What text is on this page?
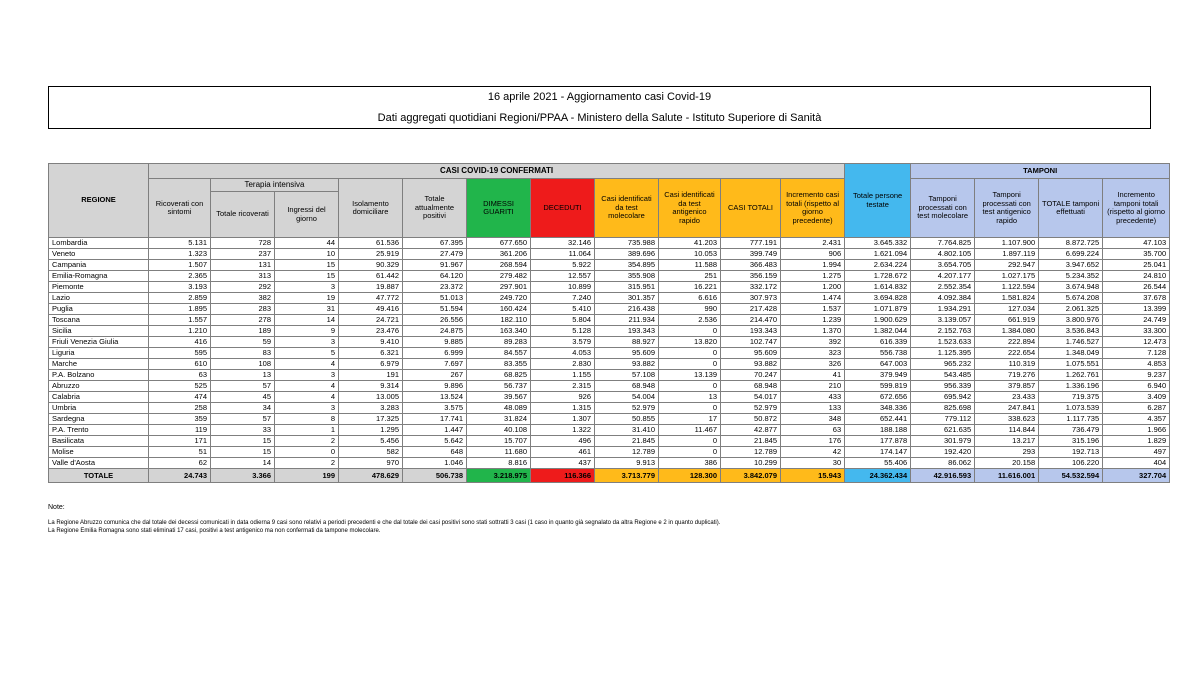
16 aprile 2021 - Aggiornamento casi Covid-19
Dati aggregati quotidiani Regioni/PPAA - Ministero della Salute - Istituto Superiore di Sanità
REGIONE	CASI COVID-19 CONFERMATI											Totale persone testate	TAMPONI			
	Ricoverati con sintomi	Terapia intensiva		Isolamento domiciliare	Totale attualmente positivi	DIMESSI GUARITI	DECEDUTI	Casi identificati da test molecolare	Casi identificati da test antigenico rapido	CASI TOTALI	Incremento casi totali (rispetto al giorno precedente)		Tamponi processati con test molecolare	Tamponi processati con test antigenico rapido	TOTALE tamponi effettuati	Incremento tamponi totali (rispetto al giorno precedente)
		Totale ricoverati	Ingressi del giorno													
Lombardia	5.131	728	44	61.536	67.395	677.650	32.146	735.988	41.203	777.191	2.431	3.645.332	7.764.825	1.107.900	8.872.725	47.103
Veneto	1.323	237	10	25.919	27.479	361.206	11.064	389.696	10.053	399.749	906	1.621.094	4.802.105	1.897.119	6.699.224	35.700
Campania	1.507	131	15	90.329	91.967	268.594	5.922	354.895	11.588	366.483	1.994	2.634.224	3.654.705	292.947	3.947.652	25.041
Emilia-Romagna	2.365	313	15	61.442	64.120	279.482	12.557	355.908	251	356.159	1.275	1.728.672	4.207.177	1.027.175	5.234.352	24.810
Piemonte	3.193	292	3	19.887	23.372	297.901	10.899	315.951	16.221	332.172	1.200	1.614.832	2.552.354	1.122.594	3.674.948	26.544
Lazio	2.859	382	19	47.772	51.013	249.720	7.240	301.357	6.616	307.973	1.474	3.694.828	4.092.384	1.581.824	5.674.208	37.678
Puglia	1.895	283	31	49.416	51.594	160.424	5.410	216.438	990	217.428	1.537	1.071.879	1.934.291	127.034	2.061.325	13.399
Toscana	1.557	278	14	24.721	26.556	182.110	5.804	211.934	2.536	214.470	1.239	1.900.629	3.139.057	661.919	3.800.976	24.749
Sicilia	1.210	189	9	23.476	24.875	163.340	5.128	193.343	0	193.343	1.370	1.382.044	2.152.763	1.384.080	3.536.843	33.300
Friuli Venezia Giulia	416	59	3	9.410	9.885	89.283	3.579	88.927	13.820	102.747	392	616.339	1.523.633	222.894	1.746.527	12.473
Liguria	595	83	5	6.321	6.999	84.557	4.053	95.609	0	95.609	323	556.738	1.125.395	222.654	1.348.049	7.128
Marche	610	108	4	6.979	7.697	83.355	2.830	93.882	0	93.882	326	647.003	965.232	110.319	1.075.551	4.853
P.A. Bolzano	63	13	3	191	267	68.825	1.155	57.108	13.139	70.247	41	379.949	543.485	719.276	1.262.761	9.237
Abruzzo	525	57	4	9.314	9.896	56.737	2.315	68.948	0	68.948	210	599.819	956.339	379.857	1.336.196	6.940
Calabria	474	45	4	13.005	13.524	39.567	926	54.004	13	54.017	433	672.656	695.942	23.433	719.375	3.409
Umbria	258	34	3	3.283	3.575	48.089	1.315	52.979	0	52.979	133	348.336	825.698	247.841	1.073.539	6.287
Sardegna	359	57	8	17.325	17.741	31.824	1.307	50.855	17	50.872	348	652.441	779.112	338.623	1.117.735	4.357
P.A. Trento	119	33	1	1.295	1.447	40.108	1.322	31.410	11.467	42.877	63	188.188	621.635	114.844	736.479	1.966
Basilicata	171	15	2	5.456	5.642	15.707	496	21.845	0	21.845	176	177.878	301.979	13.217	315.196	1.829
Molise	51	15	0	582	648	11.680	461	12.789	0	12.789	42	174.147	192.420	293	192.713	497
Valle d'Aosta	62	14	2	970	1.046	8.816	437	9.913	386	10.299	30	55.406	86.062	20.158	106.220	404
TOTALE	24.743	3.366	199	478.629	506.738	3.218.975	116.366	3.713.779	128.300	3.842.079	15.943	24.362.434	42.916.593	11.616.001	54.532.594	327.704
Note:
La Regione Abruzzo comunica che dal totale dei decessi comunicati in data odierna 9 casi sono relativi a periodi precedenti e che dal totale dei casi positivi sono stati sottratti 3 casi (1 caso in quanto già segnalato da altra Regione e 2 in quanto duplicati).
La Regione Emilia Romagna sono stati eliminati 17 casi, positivi a test antigenico ma non confermati da tampone molecolare.
